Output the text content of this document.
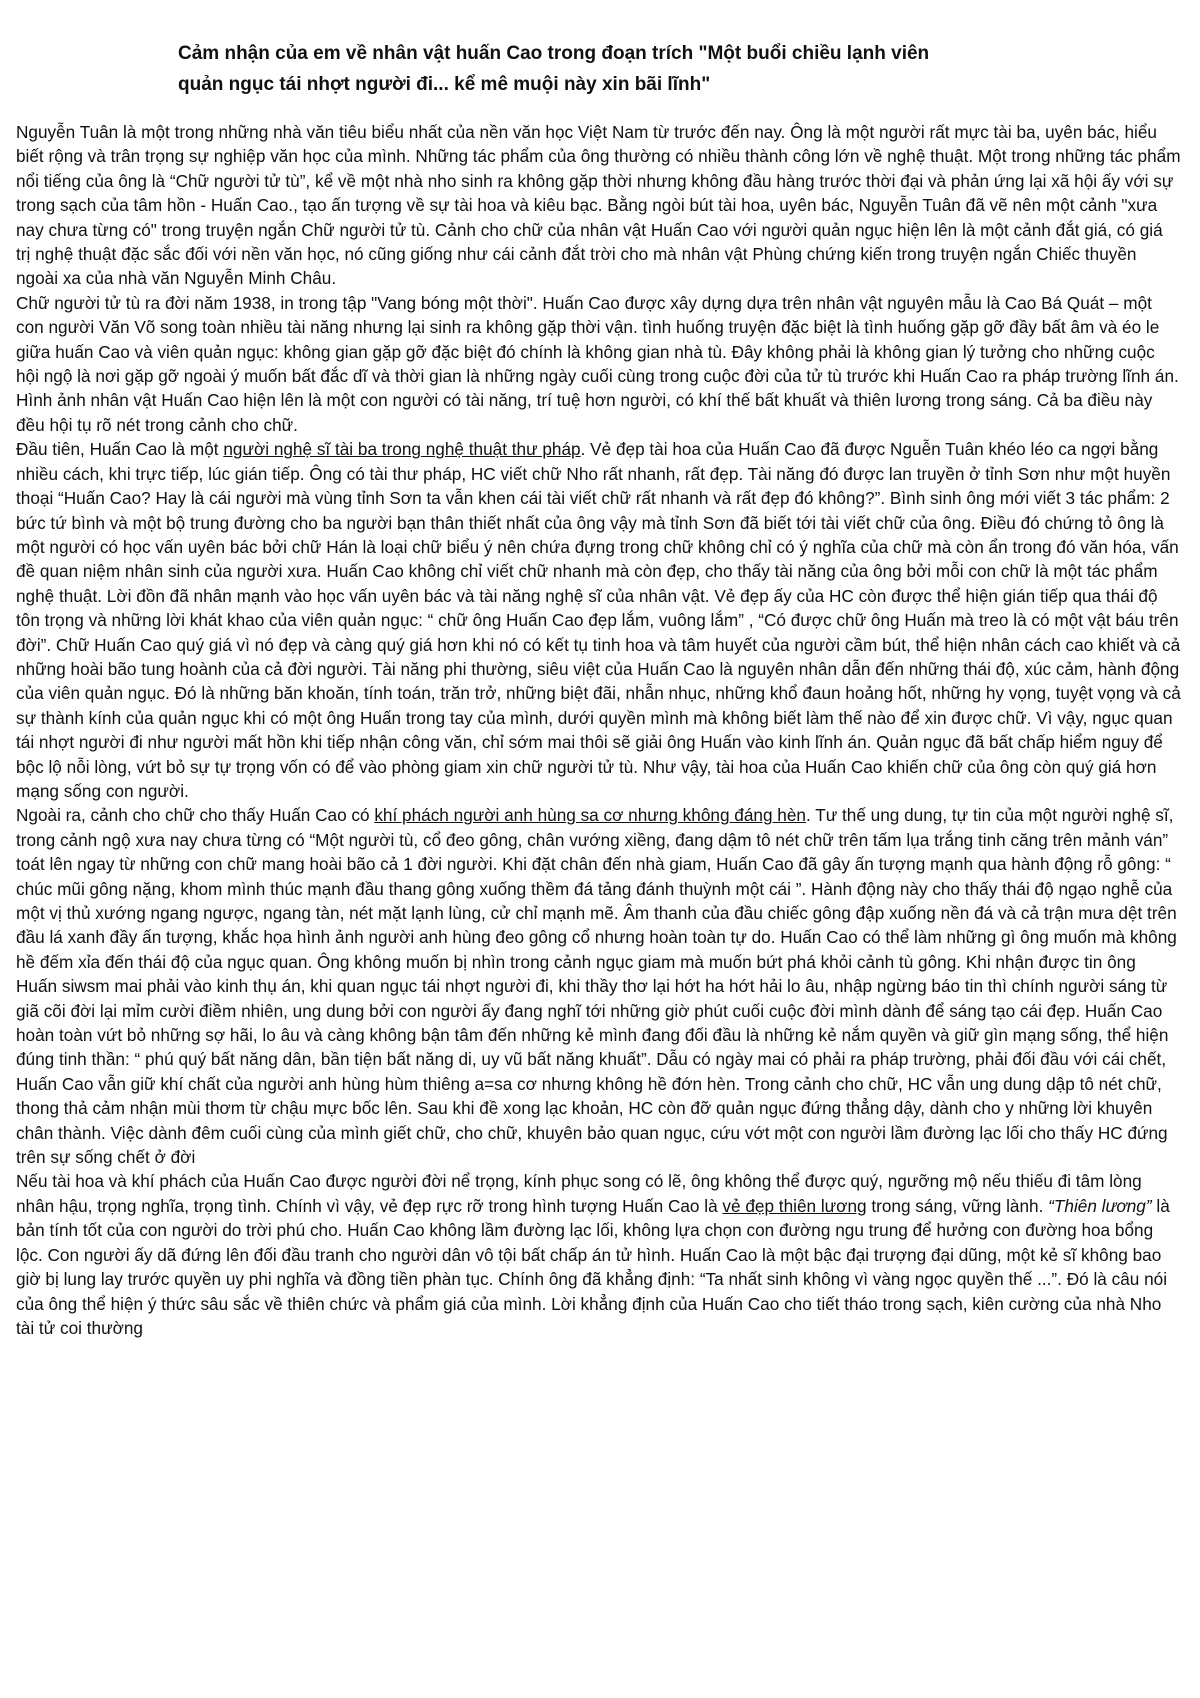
Cảm nhận của em về nhân vật huấn Cao trong đoạn trích "Một buổi chiều lạnh viên
quản ngục tái nhợt người đi... kể mê muội này xin bãi lĩnh"

Nguyễn Tuân là một trong những nhà văn tiêu biểu nhất của nền văn học Việt Nam từ trước đến nay. Ông là một người rất mực tài ba, uyên bác, hiểu biết rộng và trân trọng sự nghiệp văn học của mình. Những tác phẩm của ông thường có nhiều thành công lớn về nghệ thuật. Một trong những tác phẩm nổi tiếng của ông là “Chữ người tử tù”, kể về một nhà nho sinh ra không gặp thời nhưng không đầu hàng trước thời đại và phản ứng lại xã hội ấy với sự trong sạch của tâm hồn - Huấn Cao., tạo ấn tượng về sự tài hoa và kiêu bạc. Bằng ngòi bút tài hoa, uyên bác, Nguyễn Tuân đã vẽ nên một cảnh "xưa nay chưa từng có" trong truyện ngắn Chữ người tử tù. Cảnh cho chữ của nhân vật Huấn Cao với người quản ngục hiện lên là một cảnh đắt giá, có giá trị nghệ thuật đặc sắc đối với nền văn học, nó cũng giống như cái cảnh đắt trời cho mà nhân vật Phùng chứng kiến trong truyện ngắn Chiếc thuyền ngoài xa của nhà văn Nguyễn Minh Châu.

Chữ người tử tù ra đời năm 1938, in trong tập "Vang bóng một thời". Huấn Cao được xây dựng dựa trên nhân vật nguyên mẫu là Cao Bá Quát – một con người Văn Võ song toàn nhiều tài năng nhưng lại sinh ra không gặp thời vận. tình huống truyện đặc biệt là tình huống gặp gỡ đầy bất âm và éo le giữa huấn Cao và viên quản ngục: không gian gặp gỡ đặc biệt đó chính là không gian nhà tù. Đây không phải là không gian lý tưởng cho những cuộc hội ngộ là nơi gặp gỡ ngoài ý muốn bất đắc dĩ và thời gian là những ngày cuối cùng trong cuộc đời của tử tù trước khi Huấn Cao ra pháp trường lĩnh án. Hình ảnh nhân vật Huấn Cao hiện lên là một con người có tài năng, trí tuệ hơn người, có khí thế bất khuất và thiên lương trong sáng. Cả ba điều này đều hội tụ rõ nét trong cảnh cho chữ.

Đầu tiên, Huấn Cao là một người nghệ sĩ tài ba trong nghệ thuật thư pháp. Vẻ đẹp tài hoa của Huấn Cao đã được Nguễn Tuân khéo léo ca ngợi bằng nhiều cách, khi trực tiếp, lúc gián tiếp. Ông có tài thư pháp, HC viết chữ Nho rất nhanh, rất đẹp. Tài năng đó được lan truyền ở tỉnh Sơn như một huyền thoại “Huấn Cao? Hay là cái người mà vùng tỉnh Sơn ta vẫn khen cái tài viết chữ rất nhanh và rất đẹp đó không?”. Bình sinh ông mới viết 3 tác phẩm: 2 bức tứ bình và một bộ trung đường cho ba người bạn thân thiết nhất của ông vậy mà tỉnh Sơn đã biết tới tài viết chữ của ông. Điều đó chứng tỏ ông là một người có học vấn uyên bác bởi chữ Hán là loại chữ biểu ý nên chứa đựng trong chữ không chỉ có ý nghĩa của chữ mà còn ẩn trong đó văn hóa, vấn đề quan niệm nhân sinh của người xưa. Huấn Cao không chỉ viết chữ nhanh mà còn đẹp, cho thấy tài năng của ông bởi mỗi con chữ là một tác phẩm nghệ thuật. Lời đồn đã nhân mạnh vào học vấn uyên bác và tài năng nghệ sĩ của nhân vật. Vẻ đẹp ấy của HC còn được thể hiện gián tiếp qua thái độ tôn trọng và những lời khát khao của viên quản ngục: “ chữ ông Huấn Cao đẹp lắm, vuông lắm” , “Có được chữ ông Huấn mà treo là có một vật báu trên đời”. Chữ Huấn Cao quý giá vì nó đẹp và càng quý giá hơn khi nó có kết tụ tinh hoa và tâm huyết của người cầm bút, thể hiện nhân cách cao khiết và cả những hoài bão tung hoành của cả đời người. Tài năng phi thường, siêu việt của Huấn Cao là nguyên nhân dẫn đến những thái độ, xúc cảm, hành động của viên quản ngục. Đó là những băn khoăn, tính toán, trăn trở, những biệt đãi, nhẫn nhục, những khổ đaun hoảng hốt, những hy vọng, tuyệt vọng và cả sự thành kính của quản ngục khi có một ông Huấn trong tay của mình, dưới quyền mình mà không biết làm thế nào để xin được chữ. Vì vậy, ngục quan tái nhợt người đi như người mất hồn khi tiếp nhận công văn, chỉ sớm mai thôi sẽ giải ông Huấn vào kinh lĩnh án. Quản ngục đã bất chấp hiểm nguy để bộc lộ nỗi lòng, vứt bỏ sự tự trọng vốn có để vào phòng giam xin chữ người tử tù. Như vậy, tài hoa của Huấn Cao khiến chữ của ông còn quý giá hơn mạng sống con người.

Ngoài ra, cảnh cho chữ cho thấy Huấn Cao có khí phách người anh hùng sa cơ nhưng không đáng hèn. Tư thế ung dung, tự tin của một người nghệ sĩ, trong cảnh ngộ xưa nay chưa từng có “Một người tù, cổ đeo gông, chân vướng xiềng, đang dậm tô nét chữ trên tấm lụa trắng tinh căng trên mảnh ván” toát lên ngay từ những con chữ mang hoài bão cả 1 đời người. Khi đặt chân đến nhà giam, Huấn Cao đã gây ấn tượng mạnh qua hành động rỗ gông: “ chúc mũi gông nặng, khom mình thúc mạnh đầu thang gông xuống thềm đá tảng đánh thuỳnh một cái ”. Hành động này cho thấy thái độ ngạo nghễ của một vị thủ xướng ngang ngược, ngang tàn, nét mặt lạnh lùng, cử chỉ mạnh mẽ. Âm thanh của đầu chiếc gông đập xuống nền đá và cả trận mưa dệt trên đầu lá xanh đầy ấn tượng, khắc họa hình ảnh người anh hùng đeo gông cổ nhưng hoàn toàn tự do. Huấn Cao có thể làm những gì ông muốn mà không hề đếm xỉa đến thái độ của ngục quan. Ông không muốn bị nhìn trong cảnh ngục giam mà muốn bứt phá khỏi cảnh tù gông. Khi nhận được tin ông Huấn siwsm mai phải vào kinh thụ án, khi quan ngục tái nhợt người đi, khi thầy thơ lại hớt ha hớt hải lo âu, nhập ngừng báo tin thì chính người sáng từ giã cõi đời lại mỉm cười điềm nhiên, ung dung bởi con người ấy đang nghĩ tới những giờ phút cuối cuộc đời mình dành để sáng tạo cái đẹp. Huấn Cao hoàn toàn vứt bỏ những sợ hãi, lo âu và càng không bận tâm đến những kẻ mình đang đối đầu là những kẻ nắm quyền và giữ gìn mạng sống, thể hiện đúng tinh thần: “ phú quý bất năng dân, bần tiện bất năng di, uy vũ bất năng khuất”. Dẫu có ngày mai có phải ra pháp trường, phải đối đầu với cái chết, Huấn Cao vẫn giữ khí chất của người anh hùng hùm thiêng a=sa cơ nhưng không hề đớn hèn. Trong cảnh cho chữ, HC vẫn ung dung dập tô nét chữ, thong thả cảm nhận mùi thơm từ chậu mực bốc lên. Sau khi đề xong lạc khoản, HC còn đỡ quản ngục đứng thẳng dậy, dành cho y những lời khuyên chân thành. Việc dành đêm cuối cùng của mình giết chữ, cho chữ, khuyên bảo quan ngục, cứu vớt một con người lầm đường lạc lối cho thấy HC đứng trên sự sống chết ở đời

Nếu tài hoa và khí phách của Huấn Cao được người đời nể trọng, kính phục song có lẽ, ông không thể được quý, ngưỡng mộ nếu thiếu đi tâm lòng nhân hậu, trọng nghĩa, trọng tình. Chính vì vậy, vẻ đẹp rực rỡ trong hình tượng Huấn Cao là vẻ đẹp thiên lương trong sáng, vững lành. “Thiên lương” là bản tính tốt của con người do trời phú cho. Huấn Cao không lầm đường lạc lối, không lựa chọn con đường ngu trung để hưởng con đường hoa bổng lộc. Con người ấy dã đứng lên đối đầu tranh cho người dân vô tội bất chấp án tử hình. Huấn Cao là một bậc đại trượng đại dũng, một kẻ sĩ không bao giờ bị lung lay trước quyền uy phi nghĩa và đồng tiền phàn tục. Chính ông đã khẳng định: “Ta nhất sinh không vì vàng ngọc quyền thế ...”. Đó là câu nói của ông thể hiện ý thức sâu sắc về thiên chức và phẩm giá của mình. Lời khẳng định của Huấn Cao cho tiết tháo trong sạch, kiên cường của nhà Nho tài tử coi thường
